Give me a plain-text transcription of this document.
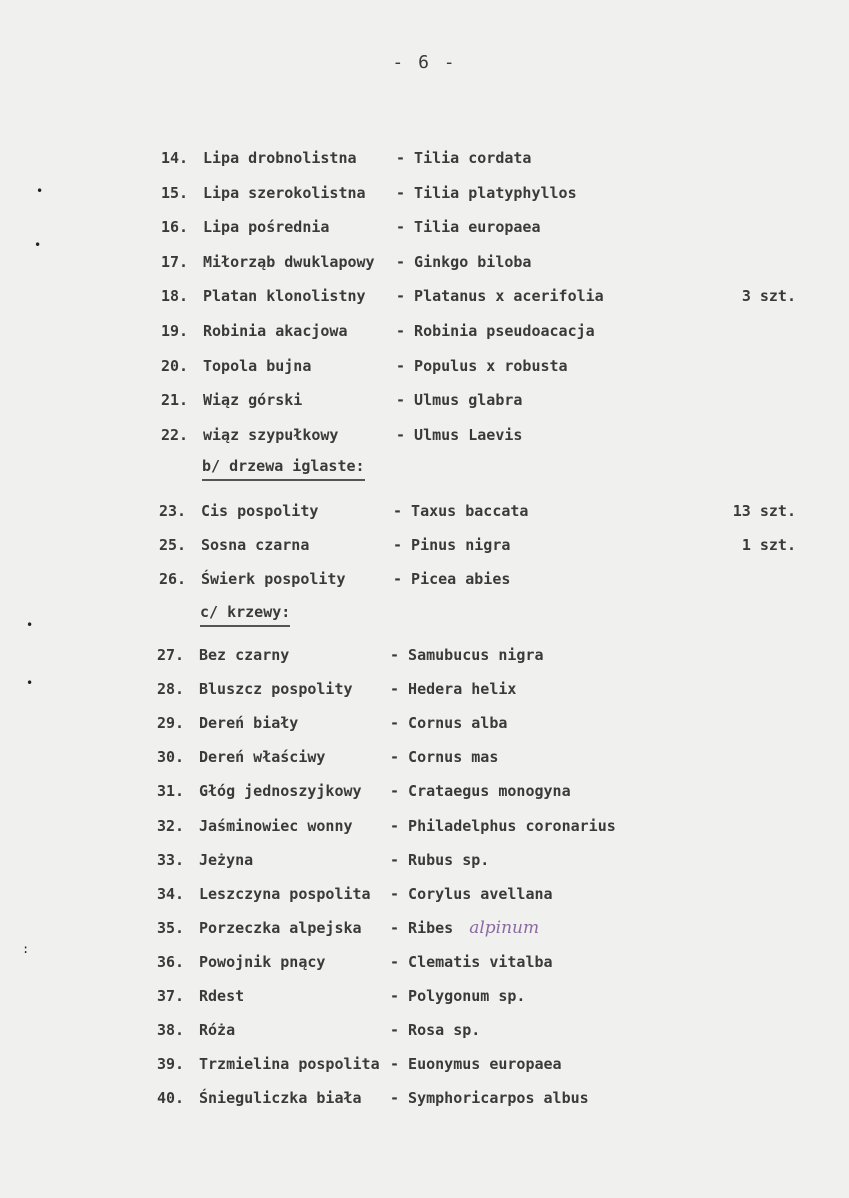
- 6 -
14. Lipa drobnolistna	- Tilia cordata
15. Lipa szerokolistna - Tilia platyphyllos
16. Lipa pośrednia	- Tilia europaea
17. Miłorząb dwuklapowy - Ginkgo biloba
18. Platan klonolistny - Platanus x acerifolia	3 szt.
19. Robinia akacjowa	- Robinia pseudoacacja
20. Topola bujna	- Populus x robusta
21. Wiąz górski	- Ulmus glabra
22. wiąz szypułkowy	- Ulmus Laevis
23. Cis pospolity	- Taxus baccata	13 szt.
25. Sosna czarna	- Pinus nigra	1 szt.
26. Świerk pospolity	- Picea abies
27. Bez czarny	- Samubucus nigra
28. Bluszcz pospolity - Hedera helix
29. Dereń biały	- Cornus alba
30. Dereń właściwy	- Cornus mas
31. Głóg jednoszyjkowy - Crataegus monogyna
32. Jaśminowiec wonny - Philadelphus coronarius
33. Jeżyna	- Rubus sp.
34. Leszczyna pospolita - Corylus avellana
35. Porzeczka alpejska - Ribes alpinum
36. Powojnik pnący	- Clematis vitalba
37. Rdest	- Polygonum sp.
38. Róża	- Rosa sp.
39. Trzmielina pospolita - Euonymus europaea
40. Śnieguliczka biała - Symphoricarpos albus
b/ drzewa iglaste:
c/ krzewy:
•
•
•
•
:
